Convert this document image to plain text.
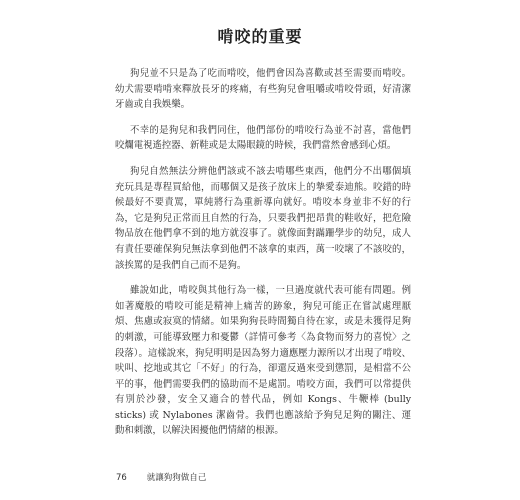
啃咬的重要

狗兒並不只是為了吃而啃咬，他們會因為喜歡或甚至需要而啃咬。幼犬需要啃啃來釋放長牙的疼痛，有些狗兒會咀嚼或啃咬骨頭，好清潔牙齒或自我娛樂。

不幸的是狗兒和我們同住，他們部份的啃咬行為並不討喜，當他們咬爛電視遙控器、新鞋或是太陽眼鏡的時候，我們當然會感到心煩。

狗兒自然無法分辨他們該或不該去啃哪些東西，他們分不出哪個填充玩具是專程買給他，而哪個又是孩子放床上的摯愛泰迪熊。咬錯的時候最好不要責罵，單純將行為重新導向就好。啃咬本身並非不好的行為，它是狗兒正常而且自然的行為，只要我們把昂貴的鞋收好，把危險物品放在他們拿不到的地方就沒事了。就像面對蹣跚學步的幼兒，成人有責任要確保狗兒無法拿到他們不該拿的東西，萬一咬壞了不該咬的，該挨罵的是我們自己而不是狗。

雖說如此，啃咬與其他行為一樣，一旦過度就代表可能有問題。例如著魔般的啃咬可能是精神上痛苦的跡象，狗兒可能正在嘗試處理厭煩、焦慮或寂寞的情緒。如果狗狗長時間獨自待在家，或是未獲得足夠的刺激，可能導致壓力和憂鬱（詳情可參考〈為食物而努力的喜悅〉之段落）。這樣說來，狗兒明明是因為努力適應壓力源所以才出現了啃咬、吠叫、挖地或其它「不好」的行為，卻還反過來受到懲罰，是相當不公平的事，他們需要我們的協助而不是處罰。啃咬方面，我們可以常提供有別於沙發，安全又適合的替代品，例如 Kongs、牛鞭棒 (bully sticks) 或 Nylabones 潔齒骨。我們也應該給予狗兒足夠的關注、運動和刺激，以解決困擾他們情緒的根源。

76 就讓狗狗做自己
